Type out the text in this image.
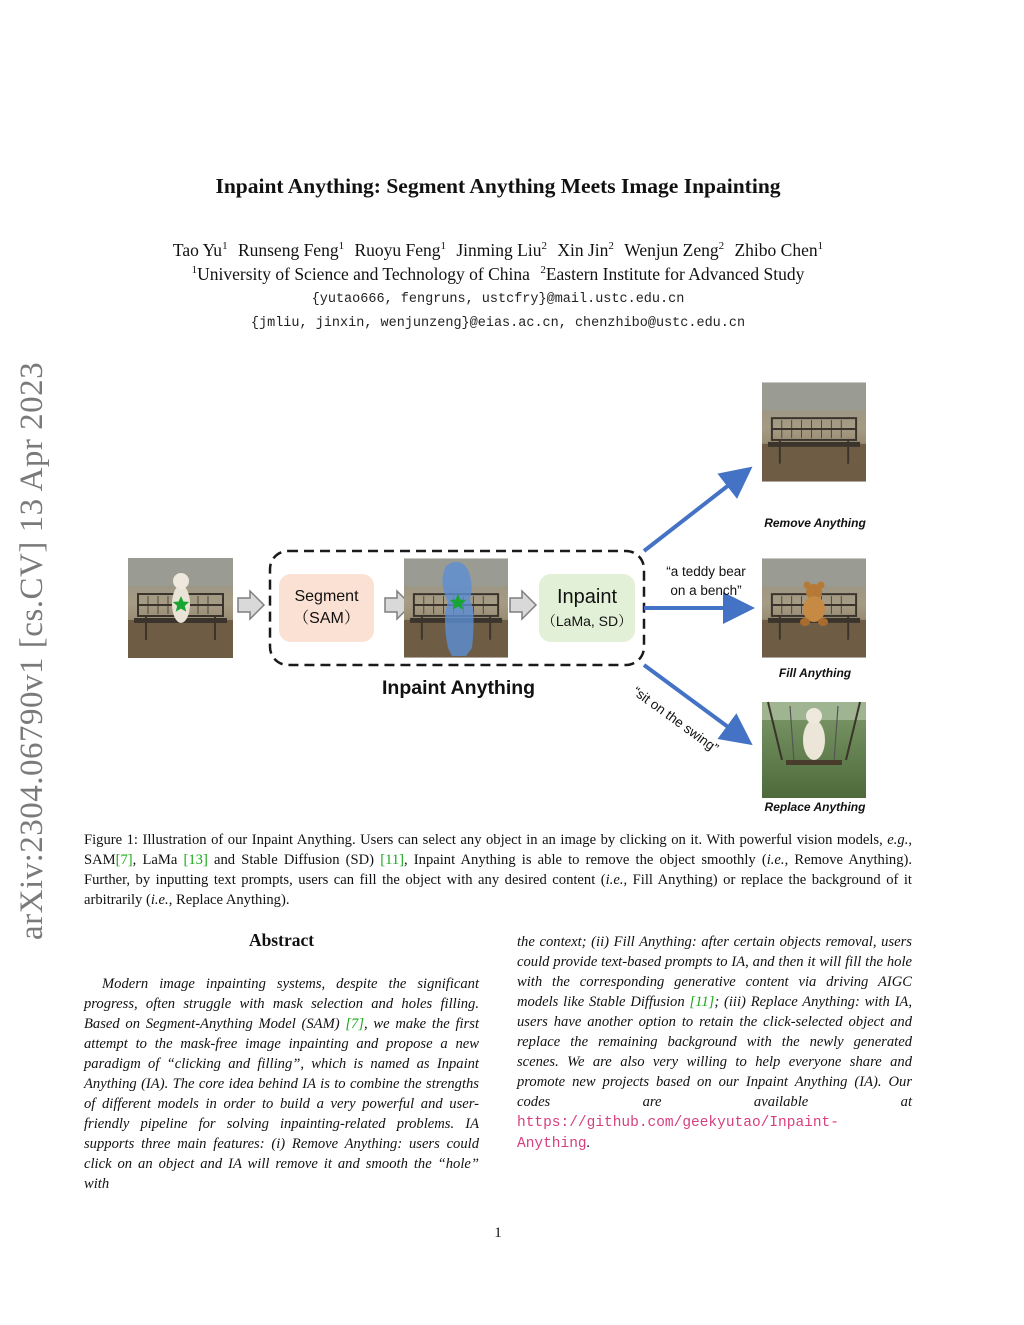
arXiv:2304.06790v1 [cs.CV] 13 Apr 2023
Inpaint Anything: Segment Anything Meets Image Inpainting
Tao Yu$^1$ Runseng Feng$^1$ Ruoyu Feng$^1$ Jinming Liu$^2$ Xin Jin$^2$ Wenjun Zeng$^2$ Zhibo Chen$^1$
$^1$University of Science and Technology of China $^2$Eastern Institute for Advanced Study
{yutao666, fengruns, ustcfry}@mail.ustc.edu.cn
{jmliu, jinxin, wenjunzeng}@eias.ac.cn, chenzhibo@ustc.edu.cn
Segment
（SAM）
Inpaint
（LaMa, SD）
Inpaint Anything
“a teddy bear
on a bench”
“sit on the swing”
Remove Anything
Fill Anything
Replace Anything
Figure 1: Illustration of our Inpaint Anything. Users can select any object in an image by clicking on it. With powerful vision models, e.g., SAM[7], LaMa [13] and Stable Diffusion (SD) [11], Inpaint Anything is able to remove the object smoothly (i.e., Remove Anything). Further, by inputting text prompts, users can fill the object with any desired content (i.e., Fill Anything) or replace the background of it arbitrarily (i.e., Replace Anything).
Abstract
Modern image inpainting systems, despite the significant progress, often struggle with mask selection and holes filling. Based on Segment-Anything Model (SAM) [7], we make the first attempt to the mask-free image inpainting and propose a new paradigm of “clicking and filling”, which is named as Inpaint Anything (IA). The core idea behind IA is to combine the strengths of different models in order to build a very powerful and user-friendly pipeline for solving inpainting-related problems. IA supports three main features: (i) Remove Anything: users could click on an object and IA will remove it and smooth the “hole” with
the context; (ii) Fill Anything: after certain objects removal, users could provide text-based prompts to IA, and then it will fill the hole with the corresponding generative content via driving AIGC models like Stable Diffusion [11]; (iii) Replace Anything: with IA, users have another option to retain the click-selected object and replace the remaining background with the newly generated scenes. We are also very willing to help everyone share and promote new projects based on our Inpaint Anything (IA). Our codes are available at https://github.com/geekyutao/Inpaint-Anything.
1
